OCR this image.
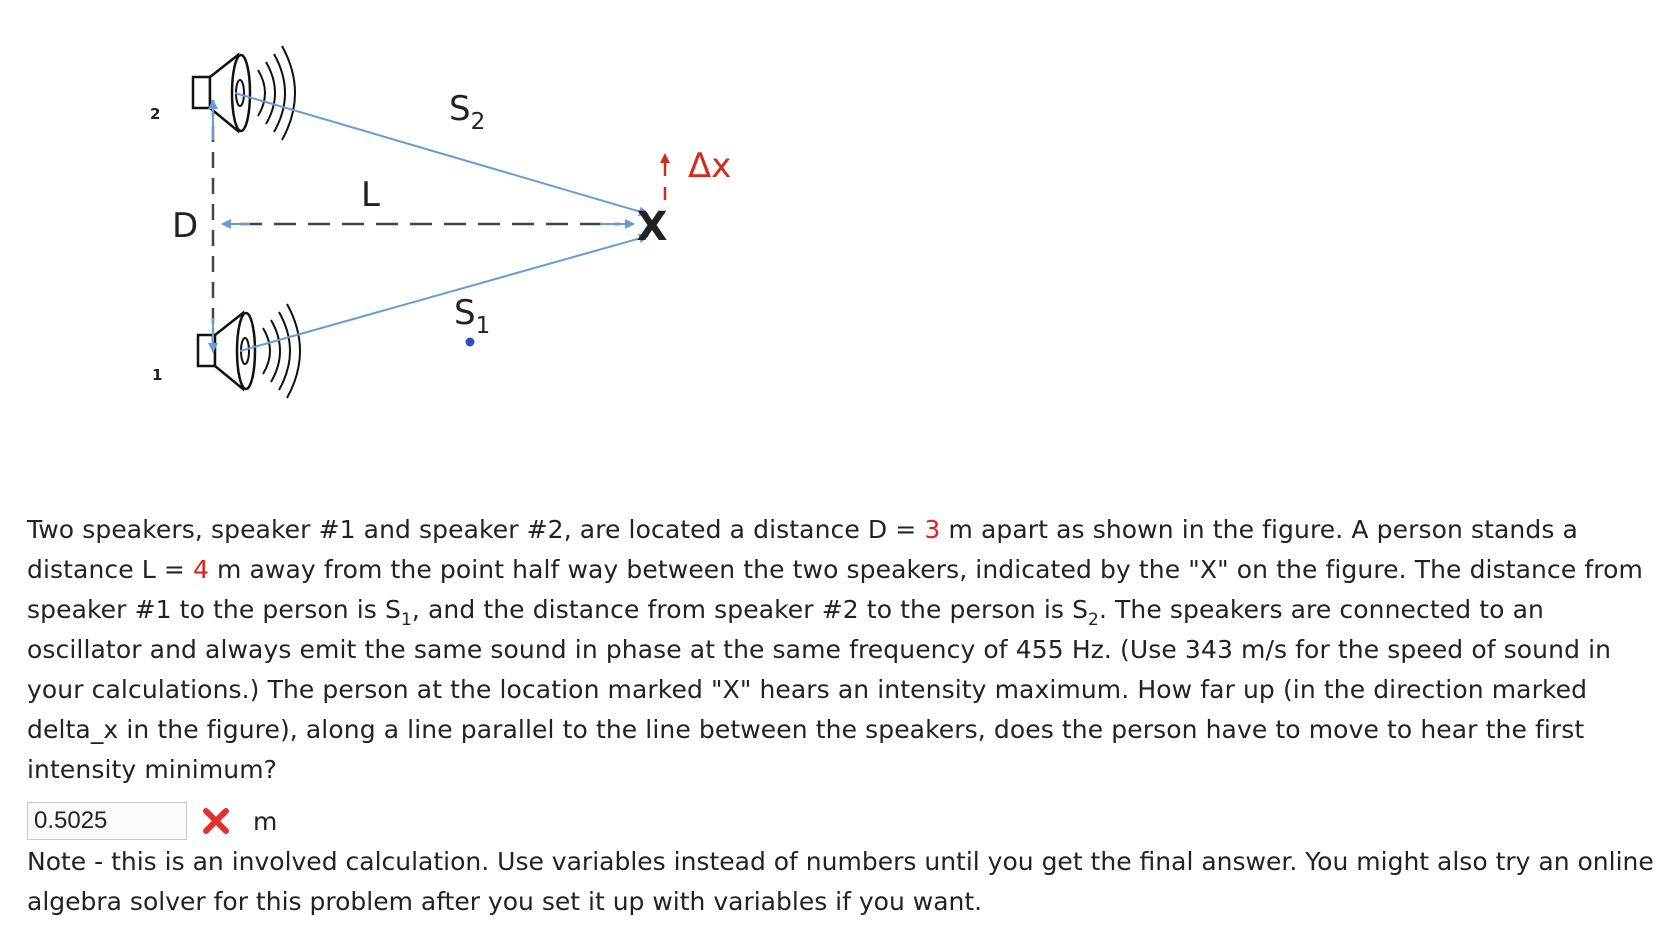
2
1
D
L
$S_2$
$S_1$
X
Δx

Two speakers, speaker #1 and speaker #2, are located a distance D = 3 m apart as shown in the figure. A person stands a distance L = 4 m away from the point half way between the two speakers, indicated by the "X" on the figure. The distance from speaker #1 to the person is $S_1$, and the distance from speaker #2 to the person is $S_2$. The speakers are connected to an oscillator and always emit the same sound in phase at the same frequency of 455 Hz. (Use 343 m/s for the speed of sound in your calculations.) The person at the location marked "X" hears an intensity maximum. How far up (in the direction marked delta_x in the figure), along a line parallel to the line between the speakers, does the person have to move to hear the first intensity minimum?

0.5025
m

Note - this is an involved calculation. Use variables instead of numbers until you get the final answer. You might also try an online algebra solver for this problem after you set it up with variables if you want.
